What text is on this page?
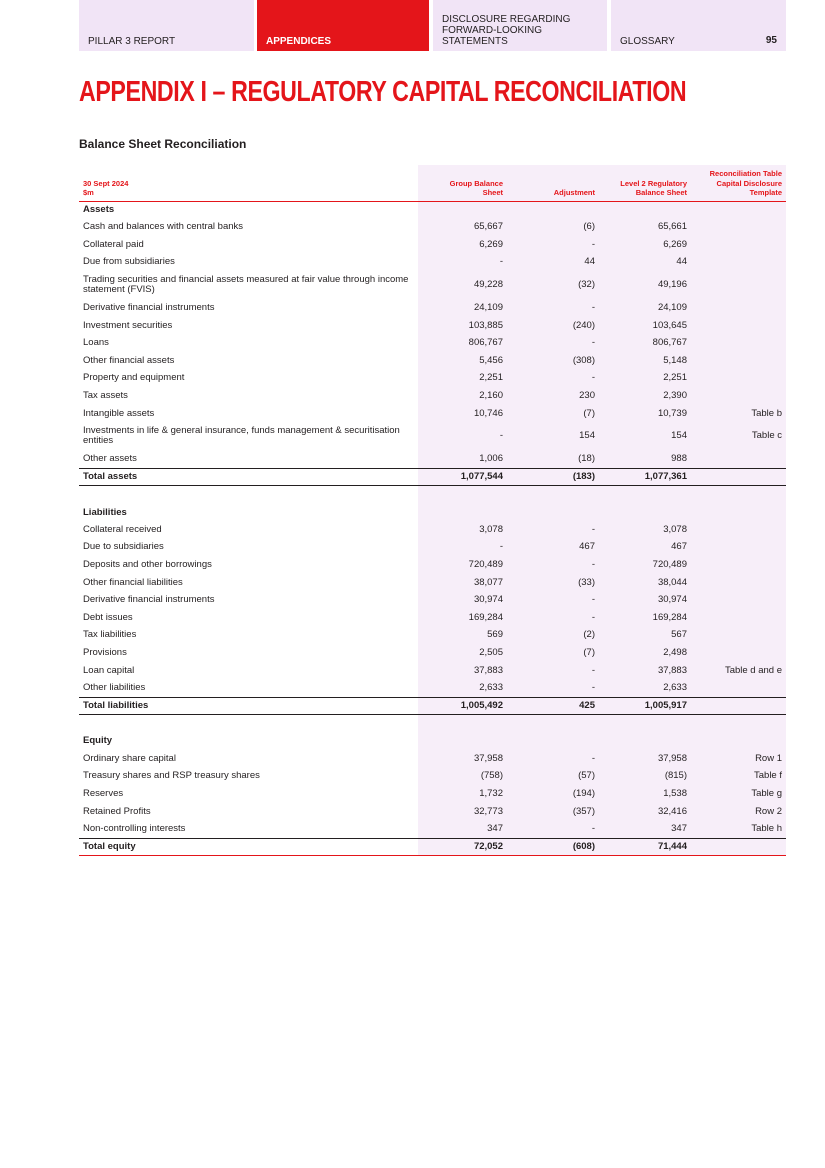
PILLAR 3 REPORT	APPENDICES
DISCLOSURE REGARDING FORWARD-LOOKING STATEMENTS	GLOSSARY	95
APPENDIX I – REGULATORY CAPITAL RECONCILIATION
Balance Sheet Reconciliation
30 Sept 2024
$m	Group Balance Sheet	Adjustment	Level 2 Regulatory Balance Sheet	Reconciliation Table Capital Disclosure Template
Assets				
Cash and balances with central banks	65,667	(6)	65,661	
Collateral paid	6,269	-	6,269	
Due from subsidiaries	-	44	44	
Trading securities and financial assets measured at fair value through income statement (FVIS)	49,228	(32)	49,196	
Derivative financial instruments	24,109	-	24,109	
Investment securities	103,885	(240)	103,645	
Loans	806,767	-	806,767	
Other financial assets	5,456	(308)	5,148	
Property and equipment	2,251	-	2,251	
Tax assets	2,160	230	2,390	
Intangible assets	10,746	(7)	10,739	Table b
Investments in life & general insurance, funds management & securitisation entities	-	154	154	Table c
Other assets	1,006	(18)	988	
Total assets	1,077,544	(183)	1,077,361	

Liabilities				
Collateral received	3,078	-	3,078	
Due to subsidiaries	-	467	467	
Deposits and other borrowings	720,489	-	720,489	
Other financial liabilities	38,077	(33)	38,044	
Derivative financial instruments	30,974	-	30,974	
Debt issues	169,284	-	169,284	
Tax liabilities	569	(2)	567	
Provisions	2,505	(7)	2,498	
Loan capital	37,883	-	37,883	Table d and e
Other liabilities	2,633	-	2,633	
Total liabilities	1,005,492	425	1,005,917	

Equity				
Ordinary share capital	37,958	-	37,958	Row 1
Treasury shares and RSP treasury shares	(758)	(57)	(815)	Table f
Reserves	1,732	(194)	1,538	Table g
Retained Profits	32,773	(357)	32,416	Row 2
Non-controlling interests	347	-	347	Table h
Total equity	72,052	(608)	71,444	
